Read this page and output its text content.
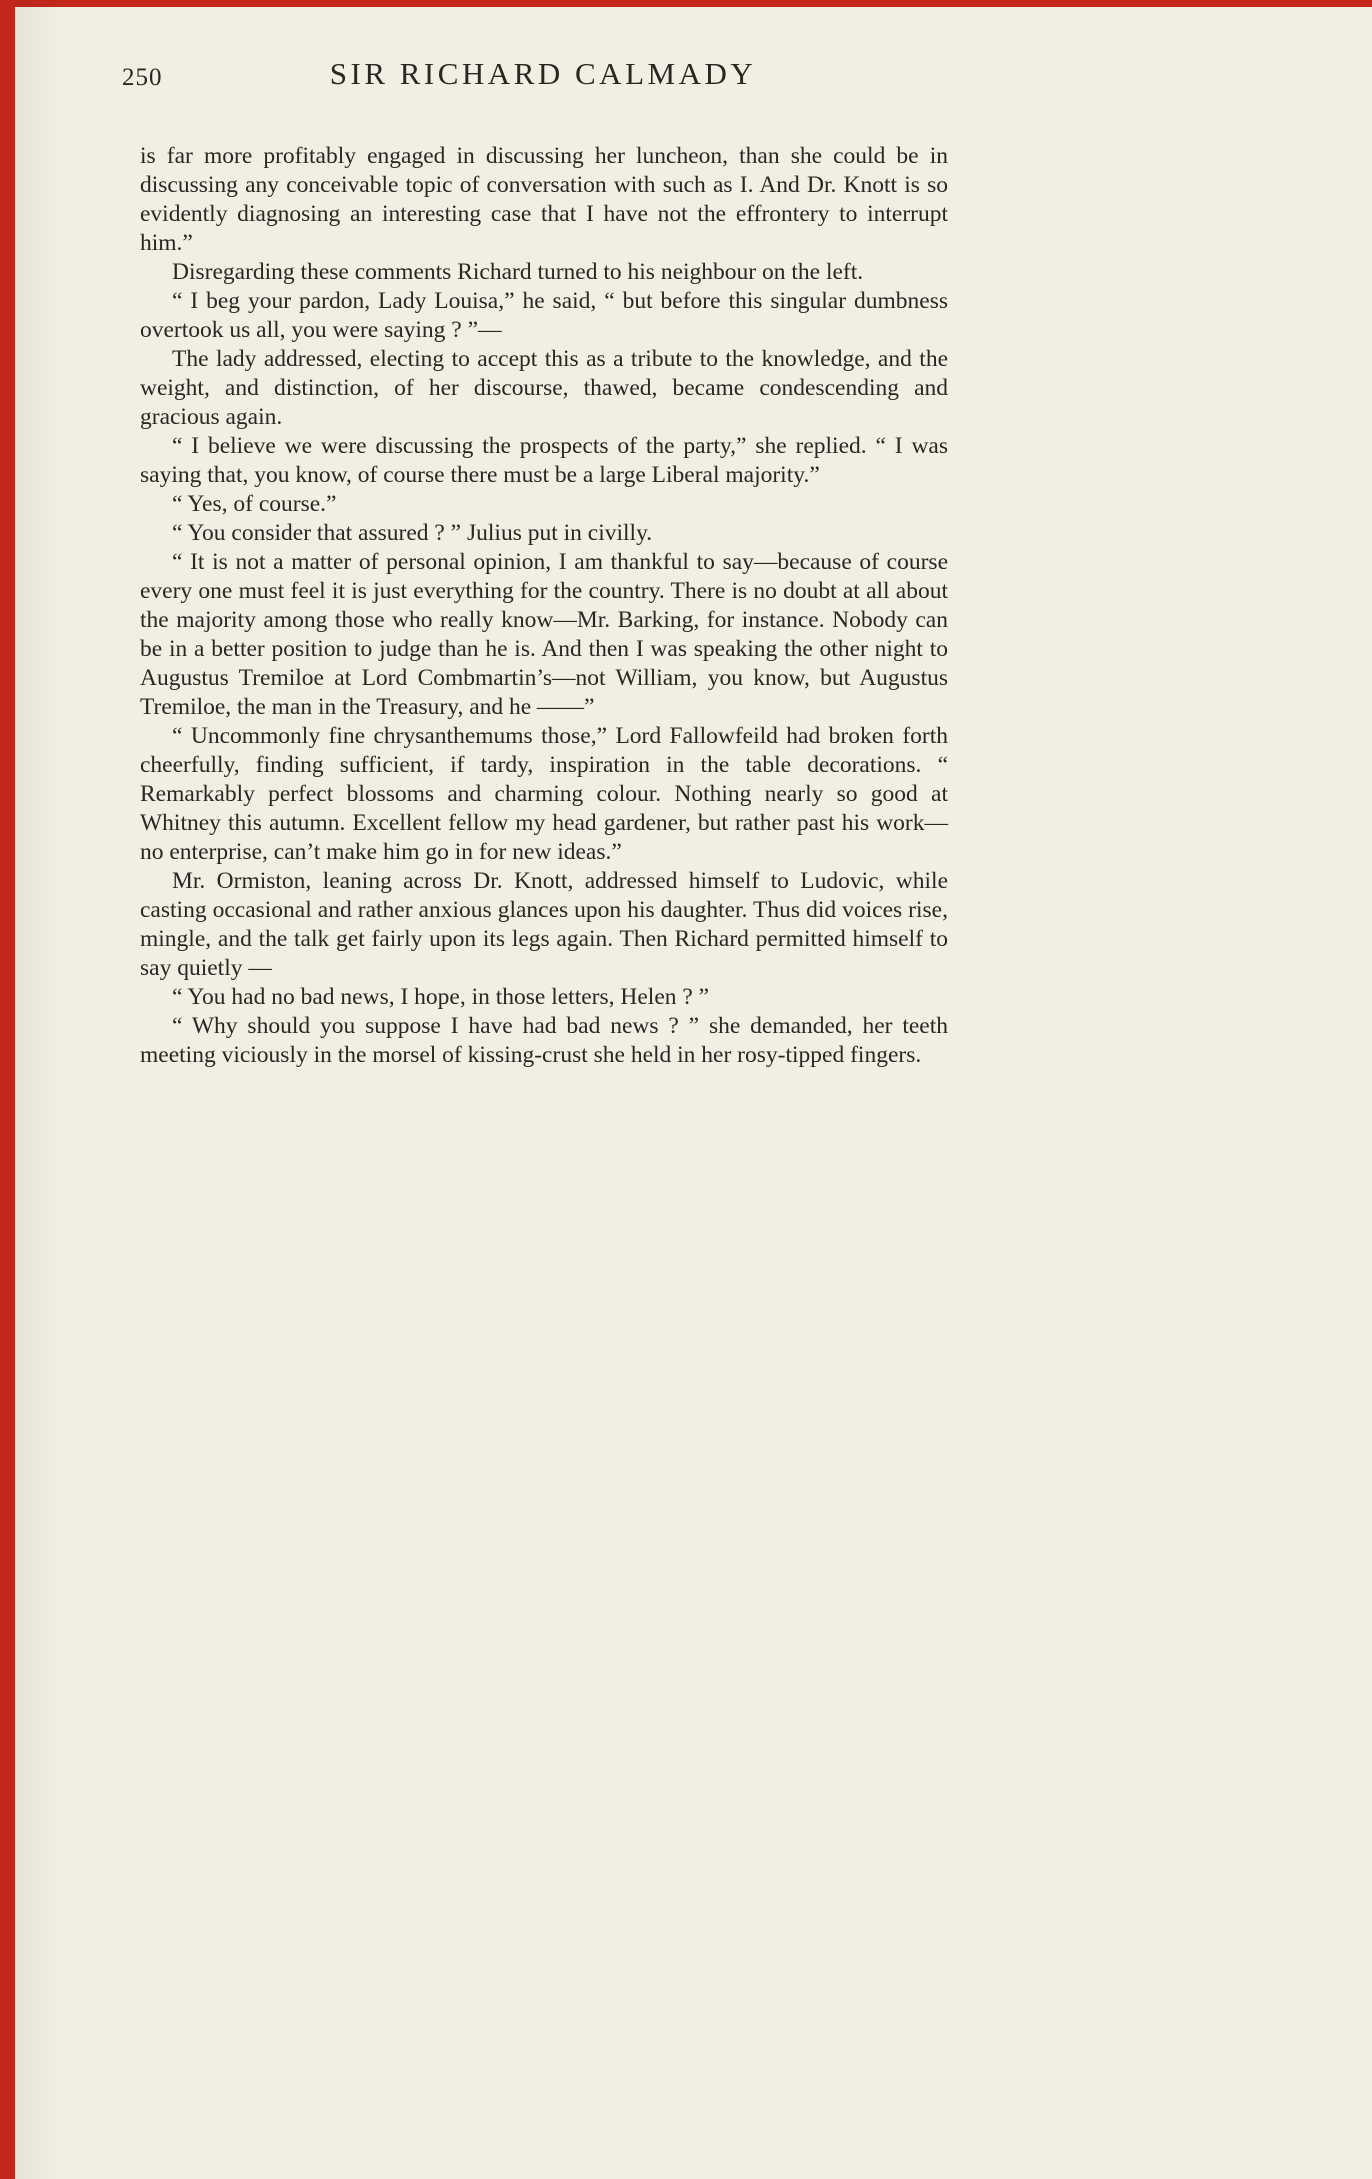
250	SIR RICHARD CALMADY

is far more profitably engaged in discussing her luncheon, than she could be in discussing any conceivable topic of conversation with such as I. And Dr. Knott is so evidently diagnosing an interesting case that I have not the effrontery to interrupt him.”

Disregarding these comments Richard turned to his neighbour on the left.

“ I beg your pardon, Lady Louisa,” he said, “ but before this singular dumbness overtook us all, you were saying ? ”—

The lady addressed, electing to accept this as a tribute to the knowledge, and the weight, and distinction, of her discourse, thawed, became condescending and gracious again.

“ I believe we were discussing the prospects of the party,” she replied. “ I was saying that, you know, of course there must be a large Liberal majority.”

“ Yes, of course.”

“ You consider that assured ? ” Julius put in civilly.

“ It is not a matter of personal opinion, I am thankful to say—because of course every one must feel it is just everything for the country. There is no doubt at all about the majority among those who really know—Mr. Barking, for instance. Nobody can be in a better position to judge than he is. And then I was speaking the other night to Augustus Tremiloe at Lord Combmartin’s—not William, you know, but Augustus Tremiloe, the man in the Treasury, and he ——”

“ Uncommonly fine chrysanthemums those,” Lord Fallowfeild had broken forth cheerfully, finding sufficient, if tardy, inspiration in the table decorations. “ Remarkably perfect blossoms and charming colour. Nothing nearly so good at Whitney this autumn. Excellent fellow my head gardener, but rather past his work—no enterprise, can’t make him go in for new ideas.”

Mr. Ormiston, leaning across Dr. Knott, addressed himself to Ludovic, while casting occasional and rather anxious glances upon his daughter. Thus did voices rise, mingle, and the talk get fairly upon its legs again. Then Richard permitted himself to say quietly —

“ You had no bad news, I hope, in those letters, Helen ? ”

“ Why should you suppose I have had bad news ? ” she demanded, her teeth meeting viciously in the morsel of kissing-crust she held in her rosy-tipped fingers.
